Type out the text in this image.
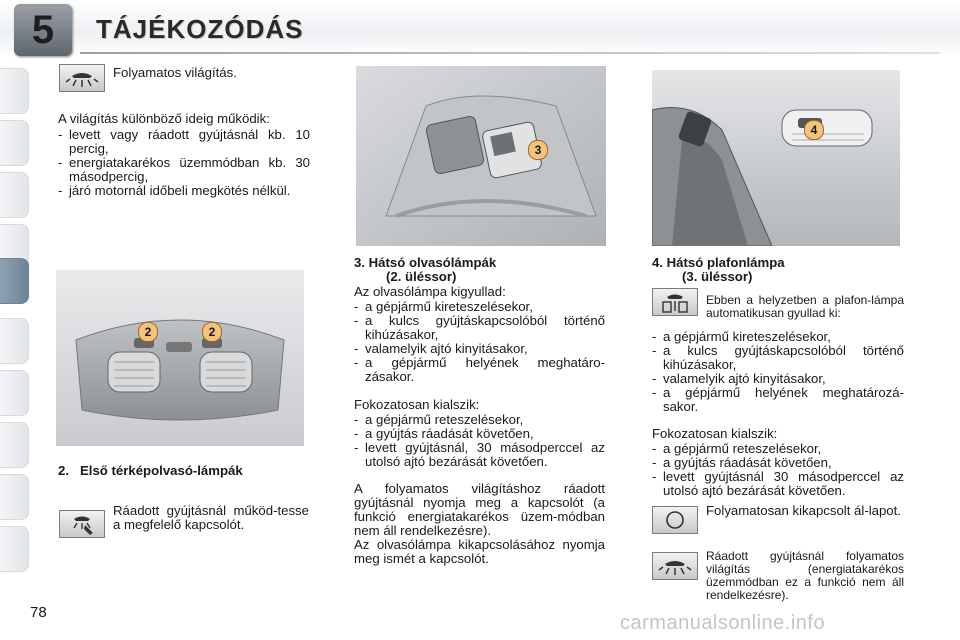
5	TÁJÉKOZÓDÁS
Folyamatos világítás.
A világítás különböző ideig működik:
- levett vagy ráadott gyújtásnál kb. 10 percig,
- energiatakarékos üzemmódban kb. 30 másodpercig,
- járó motornál időbeli megkötés nélkül.
2	2
2. Első térképolvasó-lámpák
Ráadott gyújtásnál működ-tesse a megfelelő kapcsolót.
3
3. Hátsó olvasólámpák
(2. üléssor)
Az olvasólámpa kigyullad:
- a gépjármű kireteszelésekor,
- a kulcs gyújtáskapcsolóból történő kihúzásakor,
- valamelyik ajtó kinyitásakor,
- a gépjármű helyének meghatáro-zásakor.
Fokozatosan kialszik:
- a gépjármű reteszelésekor,
- a gyújtás ráadását követően,
- levett gyújtásnál, 30 másodperccel az utolsó ajtó bezárását követően.
A folyamatos világításhoz ráadott gyújtásnál nyomja meg a kapcsolót (a funkció energiatakarékos üzem-módban nem áll rendelkezésre).
Az olvasólámpa kikapcsolásához nyomja meg ismét a kapcsolót.
4
4. Hátsó plafonlámpa
(3. üléssor)
Ebben a helyzetben a plafon-lámpa automatikusan gyullad ki:
- a gépjármű kireteszelésekor,
- a kulcs gyújtáskapcsolóból történő kihúzásakor,
- valamelyik ajtó kinyitásakor,
- a gépjármű helyének meghatározá-sakor.
Fokozatosan kialszik:
- a gépjármű reteszelésekor,
- a gyújtás ráadását követően,
- levett gyújtásnál 30 másodperccel az utolsó ajtó bezárását követően.
Folyamatosan kikapcsolt ál-lapot.
Ráadott gyújtásnál folyamatos világítás (energiatakarékos üzemmódban ez a funkció nem áll rendelkezésre).
78	carmanualsonline.info
